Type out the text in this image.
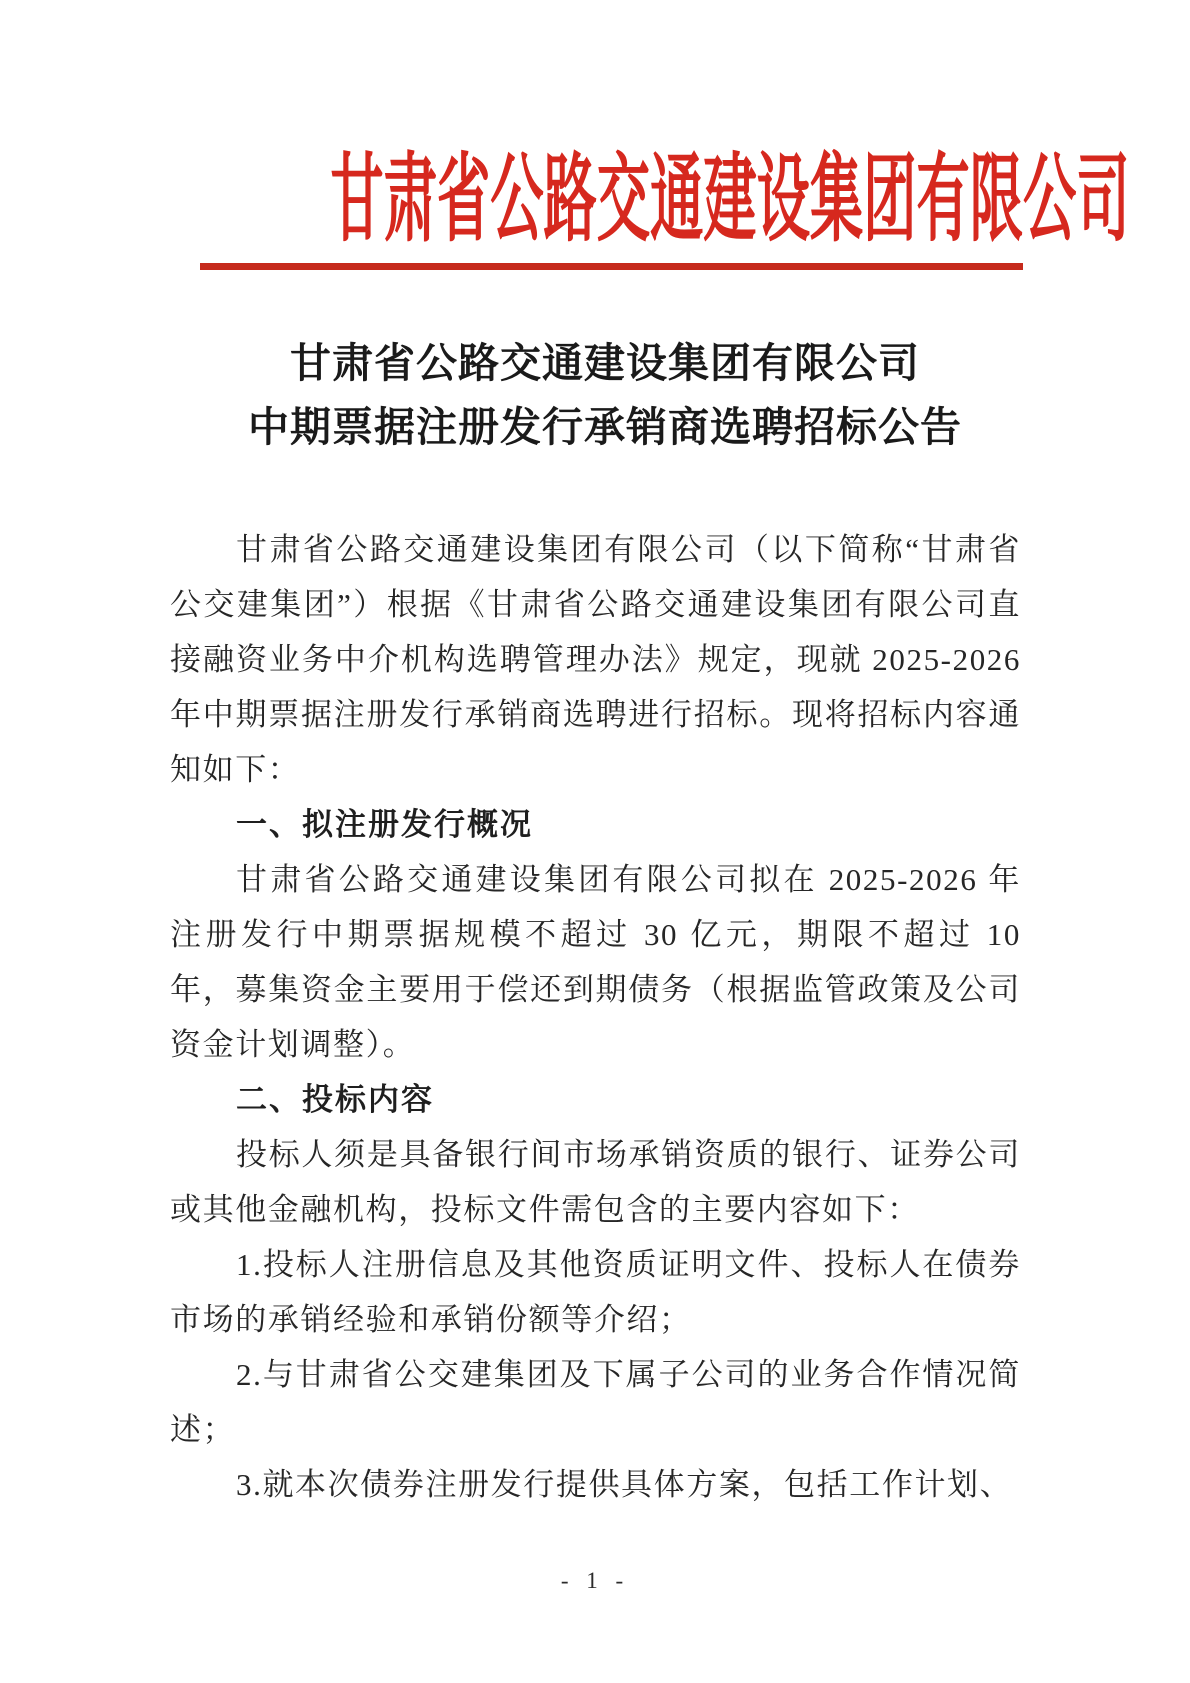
甘肃省公路交通建设集团有限公司
甘肃省公路交通建设集团有限公司
中期票据注册发行承销商选聘招标公告

甘肃省公路交通建设集团有限公司（以下简称“甘肃省公交建集团”）根据《甘肃省公路交通建设集团有限公司直接融资业务中介机构选聘管理办法》规定，现就 2025-2026 年中期票据注册发行承销商选聘进行招标。现将招标内容通知如下：

一、拟注册发行概况

甘肃省公路交通建设集团有限公司拟在 2025-2026 年注册发行中期票据规模不超过 30 亿元，期限不超过 10 年，募集资金主要用于偿还到期债务（根据监管政策及公司资金计划调整）。

二、投标内容

投标人须是具备银行间市场承销资质的银行、证券公司或其他金融机构，投标文件需包含的主要内容如下：

1.投标人注册信息及其他资质证明文件、投标人在债券市场的承销经验和承销份额等介绍；

2.与甘肃省公交建集团及下属子公司的业务合作情况简述；

3.就本次债券注册发行提供具体方案，包括工作计划、

- 1 -
